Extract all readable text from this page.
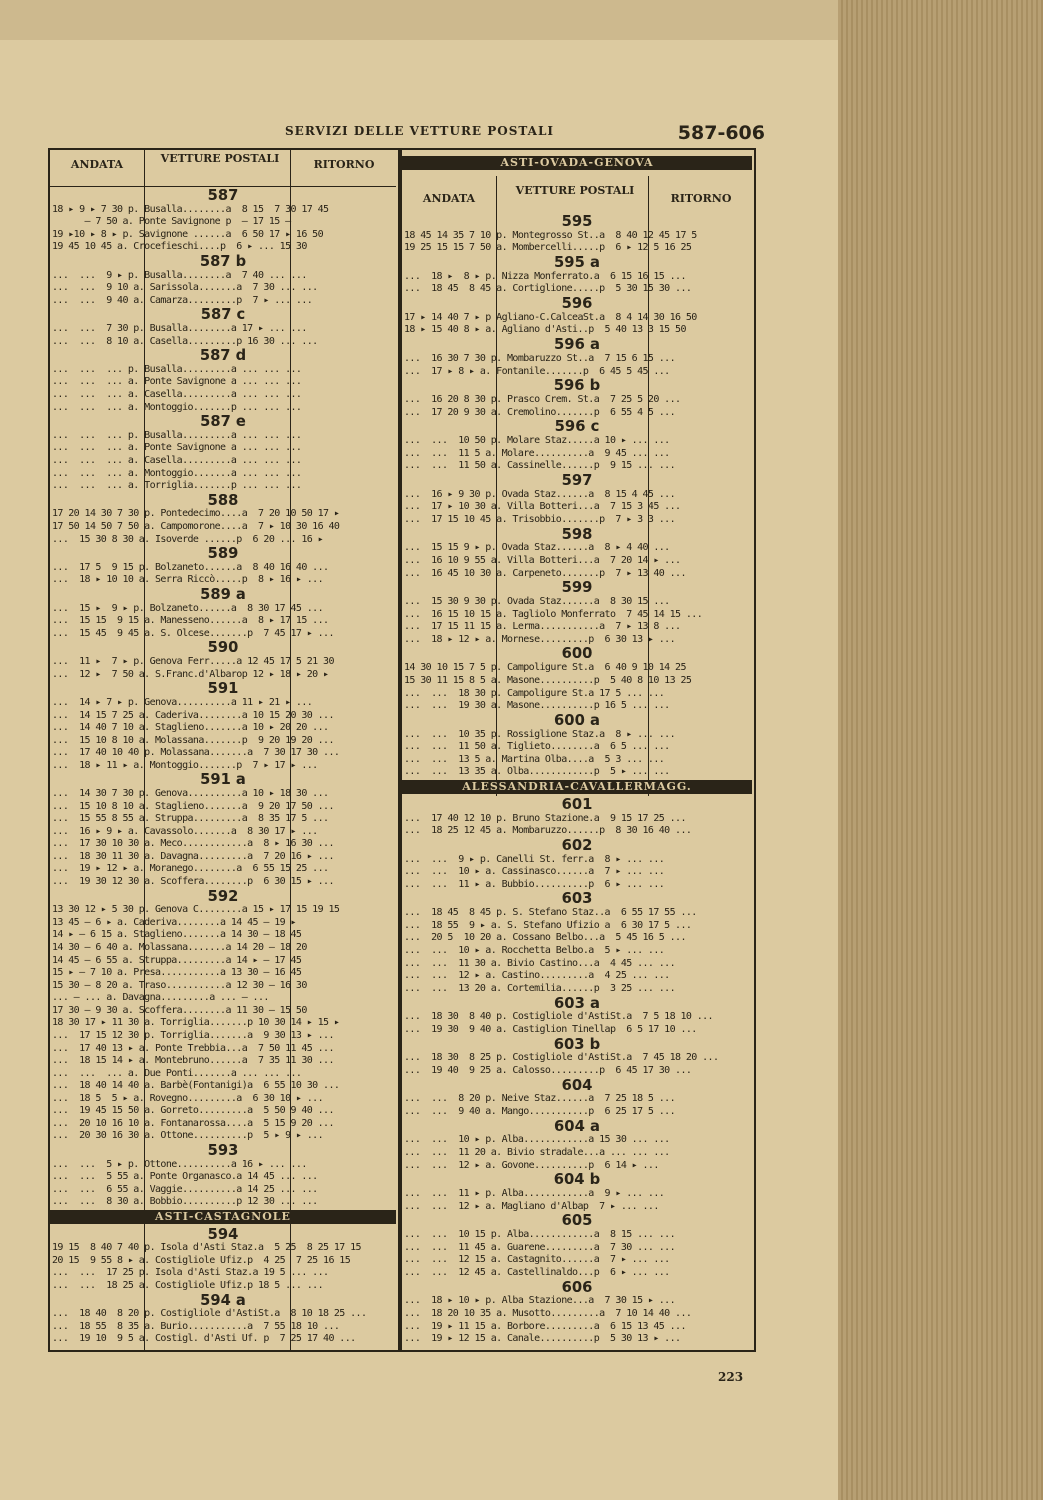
SERVIZI DELLE VETTURE POSTALI	587-606
ANDATA	VETTURE POSTALI	RITORNO
587
18 ▸ 9 ▸ 7 30 p. Busalla........a  8 15  7 30 17 45
— 7 50 a. Ponte Savignone p  — 17 15 —
19 ▸10 ▸ 8 ▸ p. Savignone ......a  6 50 17 ▸ 16 50
19 45 10 45 a. Crocefieschi....p  6 ▸ ... 15 30
587 b
...  ...  9 ▸ p. Busalla........a  7 40 ... ...
...  ...  9 10 a. Sarissola.......a  7 30 ... ...
...  ...  9 40 a. Camarza.........p  7 ▸ ... ...
587 c
...  ...  7 30 p. Busalla........a 17 ▸ ... ...
...  ...  8 10 a. Casella.........p 16 30 ... ...
587 d
...  ...  ... p. Busalla.........a ... ... ...
...  ...  ... a. Ponte Savignone a ... ... ...
...  ...  ... a. Casella.........a ... ... ...
...  ...  ... a. Montoggio.......p ... ... ...
587 e
...  ...  ... p. Busalla.........a ... ... ...
...  ...  ... a. Ponte Savignone a ... ... ...
...  ...  ... a. Casella.........a ... ... ...
...  ...  ... a. Montoggio.......a ... ... ...
...  ...  ... a. Torriglia.......p ... ... ...
588
17 20 14 30 7 30 p. Pontedecimo....a  7 20 10 50 17 ▸
17 50 14 50 7 50 a. Campomorone....a  7 ▸ 10 30 16 40
...  15 30 8 30 a. Isoverde ......p  6 20 ... 16 ▸
589
...  17 5  9 15 p. Bolzaneto......a  8 40 16 40 ...
...  18 ▸ 10 10 a. Serra Riccò.....p  8 ▸ 16 ▸ ...
589 a
...  15 ▸  9 ▸ p. Bolzaneto......a  8 30 17 45 ...
...  15 15  9 15 a. Manesseno......a  8 ▸ 17 15 ...
...  15 45  9 45 a. S. Olcese.......p  7 45 17 ▸ ...
590
...  11 ▸  7 ▸ p. Genova Ferr.....a 12 45 17 5 21 30
...  12 ▸  7 50 a. S.Franc.d'Albarop 12 ▸ 18 ▸ 20 ▸
591
...  14 ▸ 7 ▸ p. Genova..........a 11 ▸ 21 ▸ ...
...  14 15 7 25 a. Caderiva........a 10 15 20 30 ...
...  14 40 7 10 a. Staglieno.......a 10 ▸ 20 20 ...
...  15 10 8 10 a. Molassana.......p  9 20 19 20 ...
...  17 40 10 40 p. Molassana.......a  7 30 17 30 ...
...  18 ▸ 11 ▸ a. Montoggio.......p  7 ▸ 17 ▸ ...
591 a
...  14 30 7 30 p. Genova..........a 10 ▸ 18 30 ...
...  15 10 8 10 a. Staglieno.......a  9 20 17 50 ...
...  15 55 8 55 a. Struppa.........a  8 35 17 5 ...
...  16 ▸ 9 ▸ a. Cavassolo.......a  8 30 17 ▸ ...
...  17 30 10 30 a. Meco............a  8 ▸ 16 30 ...
...  18 30 11 30 a. Davagna.........a  7 20 16 ▸ ...
...  19 ▸ 12 ▸ a. Moranego........a  6 55 15 25 ...
...  19 30 12 30 a. Scoffera........p  6 30 15 ▸ ...
592
13 30 12 ▸ 5 30 p. Genova C........a 15 ▸ 17 15 19 15
13 45 — 6 ▸ a. Caderiva........a 14 45 — 19 ▸
14 ▸ — 6 15 a. Staglieno.......a 14 30 — 18 45
14 30 — 6 40 a. Molassana.......a 14 20 — 18 20
14 45 — 6 55 a. Struppa.........a 14 ▸ — 17 45
15 ▸ — 7 10 a. Presa...........a 13 30 — 16 45
15 30 — 8 20 a. Traso...........a 12 30 — 16 30
... — ... a. Davagna.........a ... — ...
17 30 — 9 30 a. Scoffera........a 11 30 — 15 50
18 30 17 ▸ 11 30 a. Torriglia.......p 10 30 14 ▸ 15 ▸
...  17 15 12 30 p. Torriglia.......a  9 30 13 ▸ ...
...  17 40 13 ▸ a. Ponte Trebbia...a  7 50 11 45 ...
...  18 15 14 ▸ a. Montebruno......a  7 35 11 30 ...
...  ...  ... a. Due Ponti.......a ... ... ...
...  18 40 14 40 a. Barbè(Fontanigi)a  6 55 10 30 ...
...  18 5  5 ▸ a. Rovegno.........a  6 30 10 ▸ ...
...  19 45 15 50 a. Gorreto.........a  5 50 9 40 ...
...  20 10 16 10 a. Fontanarossa....a  5 15 9 20 ...
...  20 30 16 30 a. Ottone..........p  5 ▸ 9 ▸ ...
593
...  ...  5 ▸ p. Ottone..........a 16 ▸ ... ...
...  ...  5 55 a. Ponte Organasco.a 14 45 ... ...
...  ...  6 55 a. Vaggie..........a 14 25 ... ...
...  ...  8 30 a. Bobbio..........p 12 30 ... ...
ASTI-CASTAGNOLE
594
19 15  8 40 7 40 p. Isola d'Asti Staz.a  5 25  8 25 17 15
20 15  9 55 8 ▸ a. Costigliole Ufiz.p  4 25  7 25 16 15
...  ...  17 25 p. Isola d'Asti Staz.a 19 5 ... ...
...  ...  18 25 a. Costigliole Ufiz.p 18 5 ... ...
594 a
...  18 40  8 20 p. Costigliole d'AstiSt.a  8 10 18 25 ...
...  18 55  8 35 a. Burio...........a  7 55 18 10 ...
...  19 10  9 5 a. Costigl. d'Asti Uf. p  7 25 17 40 ...
ASTI-OVADA-GENOVA
ANDATA
VETTURE POSTALI
RITORNO
595
18 45 14 35 7 10 p. Montegrosso St..a  8 40 12 45 17 5
19 25 15 15 7 50 a. Mombercelli.....p  6 ▸ 12 5 16 25
595 a
...  18 ▸  8 ▸ p. Nizza Monferrato.a  6 15 16 15 ...
...  18 45  8 45 a. Cortiglione.....p  5 30 15 30 ...
596
17 ▸ 14 40 7 ▸ p Agliano-C.CalceaSt.a  8 4 14 30 16 50
18 ▸ 15 40 8 ▸ a. Agliano d'Asti..p  5 40 13 3 15 50
596 a
...  16 30 7 30 p. Mombaruzzo St..a  7 15 6 15 ...
...  17 ▸ 8 ▸ a. Fontanile.......p  6 45 5 45 ...
596 b
...  16 20 8 30 p. Prasco Crem. St.a  7 25 5 20 ...
...  17 20 9 30 a. Cremolino.......p  6 55 4 5 ...
596 c
...  ...  10 50 p. Molare Staz.....a 10 ▸ ... ...
...  ...  11 5 a. Molare..........a  9 45 ... ...
...  ...  11 50 a. Cassinelle......p  9 15 ... ...
597
...  16 ▸ 9 30 p. Ovada Staz......a  8 15 4 45 ...
...  17 ▸ 10 30 a. Villa Botteri...a  7 15 3 45 ...
...  17 15 10 45 a. Trisobbio.......p  7 ▸ 3 3 ...
598
...  15 15 9 ▸ p. Ovada Staz......a  8 ▸ 4 40 ...
...  16 10 9 55 a. Villa Botteri...a  7 20 14 ▸ ...
...  16 45 10 30 a. Carpeneto.......p  7 ▸ 13 40 ...
599
...  15 30 9 30 p. Ovada Staz......a  8 30 15 ...
...  16 15 10 15 a. Tagliolo Monferrato  7 45 14 15 ...
...  17 15 11 15 a. Lerma...........a  7 ▸ 13 8 ...
...  18 ▸ 12 ▸ a. Mornese.........p  6 30 13 ▸ ...
600
14 30 10 15 7 5 p. Campoligure St.a  6 40 9 10 14 25
15 30 11 15 8 5 a. Masone..........p  5 40 8 10 13 25
...  ...  18 30 p. Campoligure St.a 17 5 ... ...
...  ...  19 30 a. Masone..........p 16 5 ... ...
600 a
...  ...  10 35 p. Rossiglione Staz.a  8 ▸ ... ...
...  ...  11 50 a. Tiglieto........a  6 5 ... ...
...  ...  13 5 a. Martina Olba....a  5 3 ... ...
...  ...  13 35 a. Olba............p  5 ▸ ... ...
ALESSANDRIA-CAVALLERMAGG.
601
...  17 40 12 10 p. Bruno Stazione.a  9 15 17 25 ...
...  18 25 12 45 a. Mombaruzzo......p  8 30 16 40 ...
602
...  ...  9 ▸ p. Canelli St. ferr.a  8 ▸ ... ...
...  ...  10 ▸ a. Cassinasco......a  7 ▸ ... ...
...  ...  11 ▸ a. Bubbio..........p  6 ▸ ... ...
603
...  18 45  8 45 p. S. Stefano Staz..a  6 55 17 55 ...
...  18 55  9 ▸ a. S. Stefano Ufizio a  6 30 17 5 ...
...  20 5  10 20 a. Cossano Belbo...a  5 45 16 5 ...
...  ...  10 ▸ a. Rocchetta Belbo.a  5 ▸ ... ...
...  ...  11 30 a. Bivio Castino...a  4 45 ... ...
...  ...  12 ▸ a. Castino.........a  4 25 ... ...
...  ...  13 20 a. Cortemilia......p  3 25 ... ...
603 a
...  18 30  8 40 p. Costigliole d'AstiSt.a  7 5 18 10 ...
...  19 30  9 40 a. Castiglion Tinellap  6 5 17 10 ...
603 b
...  18 30  8 25 p. Costigliole d'AstiSt.a  7 45 18 20 ...
...  19 40  9 25 a. Calosso.........p  6 45 17 30 ...
604
...  ...  8 20 p. Neive Staz......a  7 25 18 5 ...
...  ...  9 40 a. Mango...........p  6 25 17 5 ...
604 a
...  ...  10 ▸ p. Alba............a 15 30 ... ...
...  ...  11 20 a. Bivio stradale...a ... ... ...
...  ...  12 ▸ a. Govone..........p  6 14 ▸ ...
604 b
...  ...  11 ▸ p. Alba............a  9 ▸ ... ...
...  ...  12 ▸ a. Magliano d'Albap  7 ▸ ... ...
605
...  ...  10 15 p. Alba............a  8 15 ... ...
...  ...  11 45 a. Guarene.........a  7 30 ... ...
...  ...  12 15 a. Castagnito......a  7 ▸ ... ...
...  ...  12 45 a. Castellinaldo...p  6 ▸ ... ...
606
...  18 ▸ 10 ▸ p. Alba Stazione...a  7 30 15 ▸ ...
...  18 20 10 35 a. Musotto.........a  7 10 14 40 ...
...  19 ▸ 11 15 a. Borbore.........a  6 15 13 45 ...
...  19 ▸ 12 15 a. Canale..........p  5 30 13 ▸ ...
223
